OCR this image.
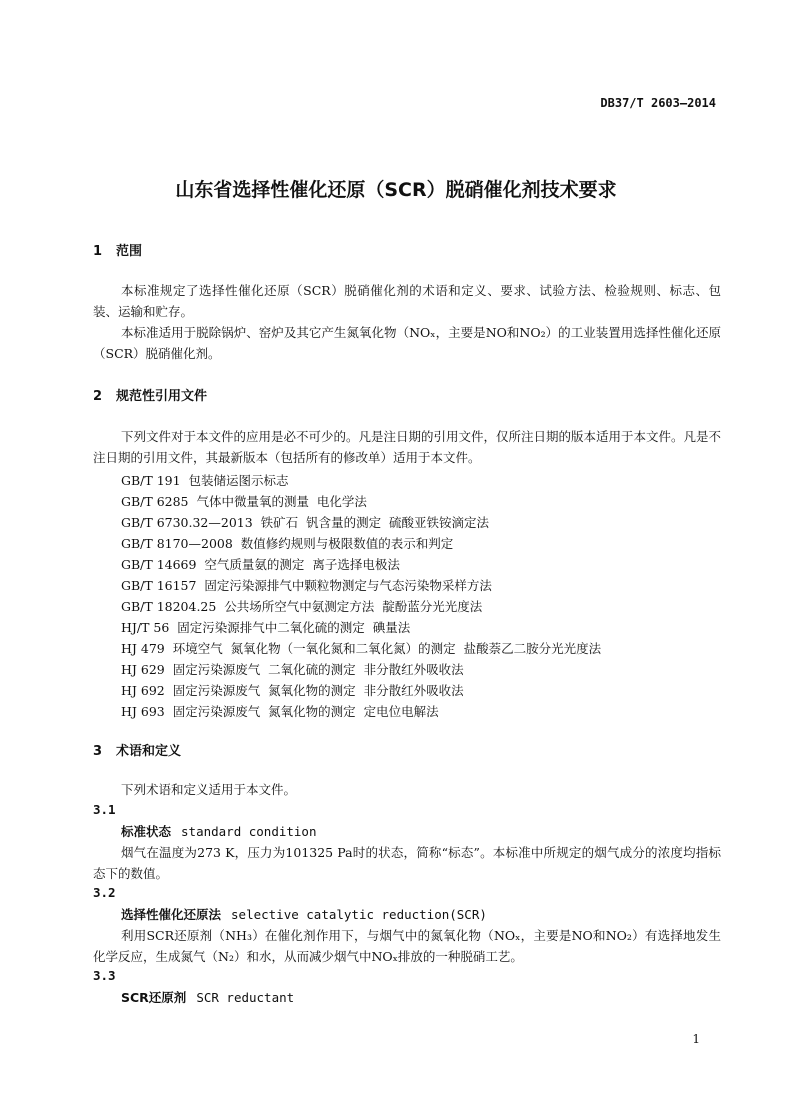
DB37/T 2603—2014
山东省选择性催化还原（SCR）脱硝催化剂技术要求
1 范围
本标准规定了选择性催化还原（SCR）脱硝催化剂的术语和定义、要求、试验方法、检验规则、标志、包装、运输和贮存。
本标准适用于脱除锅炉、窑炉及其它产生氮氧化物（NOₓ，主要是NO和NO₂）的工业装置用选择性催化还原（SCR）脱硝催化剂。
2 规范性引用文件
下列文件对于本文件的应用是必不可少的。凡是注日期的引用文件，仅所注日期的版本适用于本文件。凡是不注日期的引用文件，其最新版本（包括所有的修改单）适用于本文件。
GB/T 191  包装储运图示标志
GB/T 6285  气体中微量氧的测量  电化学法
GB/T 6730.32—2013  铁矿石  钒含量的测定  硫酸亚铁铵滴定法
GB/T 8170—2008  数值修约规则与极限数值的表示和判定
GB/T 14669  空气质量氨的测定  离子选择电极法
GB/T 16157  固定污染源排气中颗粒物测定与气态污染物采样方法
GB/T 18204.25  公共场所空气中氨测定方法  靛酚蓝分光光度法
HJ/T 56  固定污染源排气中二氧化硫的测定  碘量法
HJ 479  环境空气  氮氧化物（一氧化氮和二氧化氮）的测定  盐酸萘乙二胺分光光度法
HJ 629  固定污染源废气  二氧化硫的测定  非分散红外吸收法
HJ 692  固定污染源废气  氮氧化物的测定  非分散红外吸收法
HJ 693  固定污染源废气  氮氧化物的测定  定电位电解法
3 术语和定义
下列术语和定义适用于本文件。
3.1
标准状态 standard condition
烟气在温度为273 K，压力为101325 Pa时的状态，简称“标态”。本标准中所规定的烟气成分的浓度均指标态下的数值。
3.2
选择性催化还原法 selective catalytic reduction(SCR)
利用SCR还原剂（NH₃）在催化剂作用下，与烟气中的氮氧化物（NOₓ，主要是NO和NO₂）有选择地发生化学反应，生成氮气（N₂）和水，从而减少烟气中NOₓ排放的一种脱硝工艺。
3.3
SCR还原剂 SCR reductant
1
